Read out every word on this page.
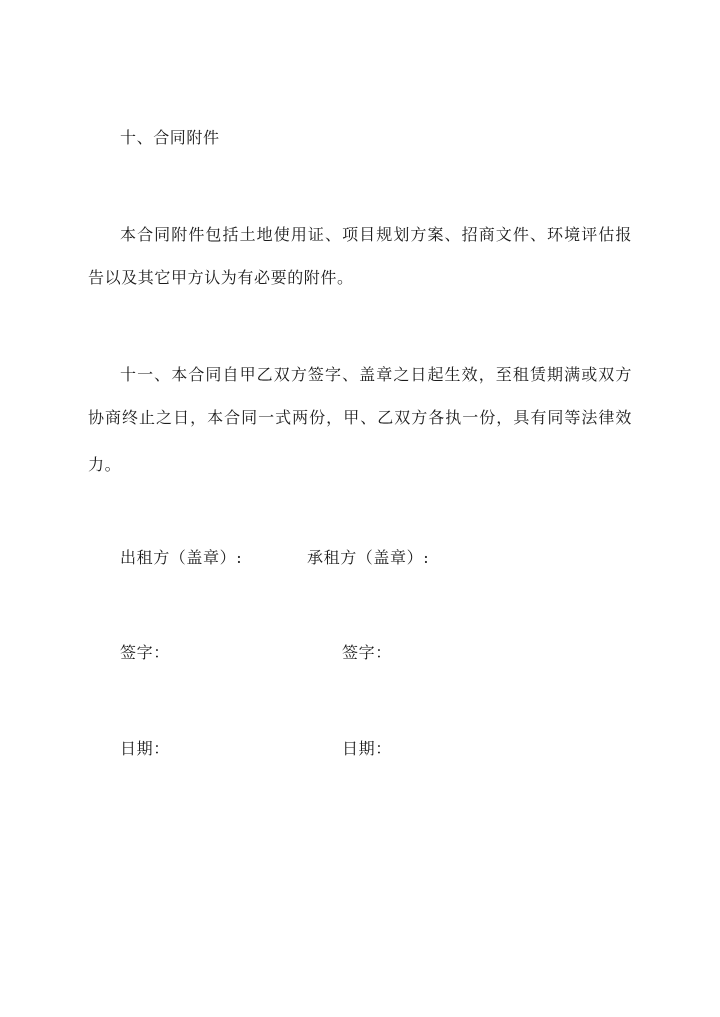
十、合同附件
本合同附件包括土地使用证、项目规划方案、招商文件、环境评估报
告以及其它甲方认为有必要的附件。
十一、本合同自甲乙双方签字、盖章之日起生效，至租赁期满或双方
协商终止之日，本合同一式两份，甲、乙双方各执一份，具有同等法律效
力。
出租方（盖章）:	承租方（盖章）:
签字：	签字：
日期：	日期：
